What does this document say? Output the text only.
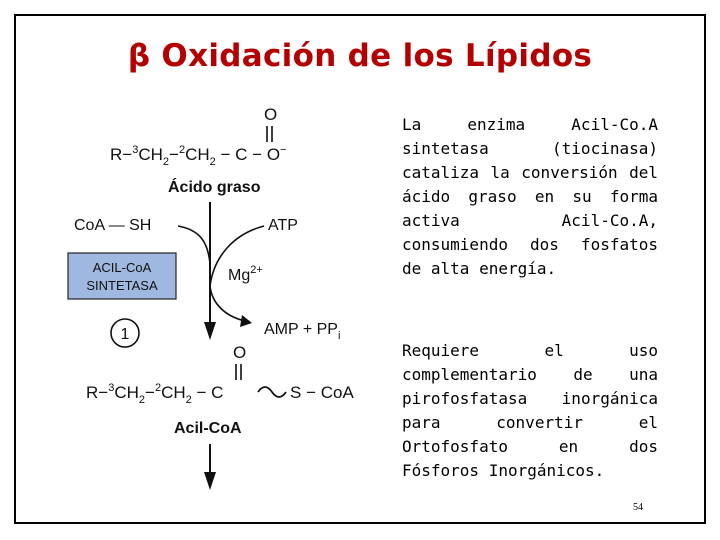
β Oxidación de los Lípidos
O
$R-^3CH_2-^2CH_2 - C - O^-$
Ácido graso
CoA — SH	ATP
ACIL-CoA
SINTETASA
$Mg^{2+}$
1	AMP + $PP_i$
O
$R-^3CH_2-^2CH_2 - C$	S − CoA
Acil-CoA
La enzima Acil-Co.A sintetasa (tiocinasa) cataliza la conversión del ácido graso en su forma activa Acil-Co.A, consumiendo dos fosfatos de alta energía.
Requiere el uso complementario de una pirofosfatasa inorgánica para convertir el Ortofosfato en dos Fósforos Inorgánicos.
54
